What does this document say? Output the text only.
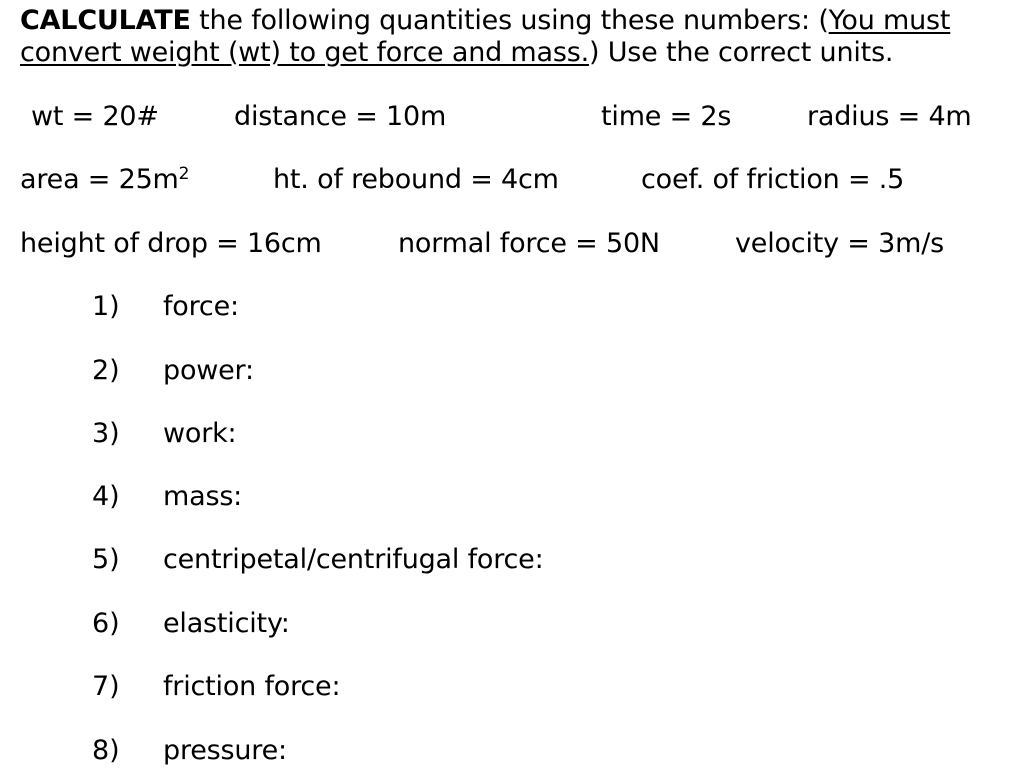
CALCULATE the following quantities using these numbers: (You must convert weight (wt) to get force and mass.) Use the correct units.
wt = 20#	distance = 10m	time = 2s	radius = 4m
area = $25m^2$	ht. of rebound = 4cm	coef. of friction = .5
height of drop = 16cm	normal force = 50N	velocity = 3m/s
1) force:
2) power:
3) work:
4) mass:
5) centripetal/centrifugal force:
6) elasticity:
7) friction force:
8) pressure:
